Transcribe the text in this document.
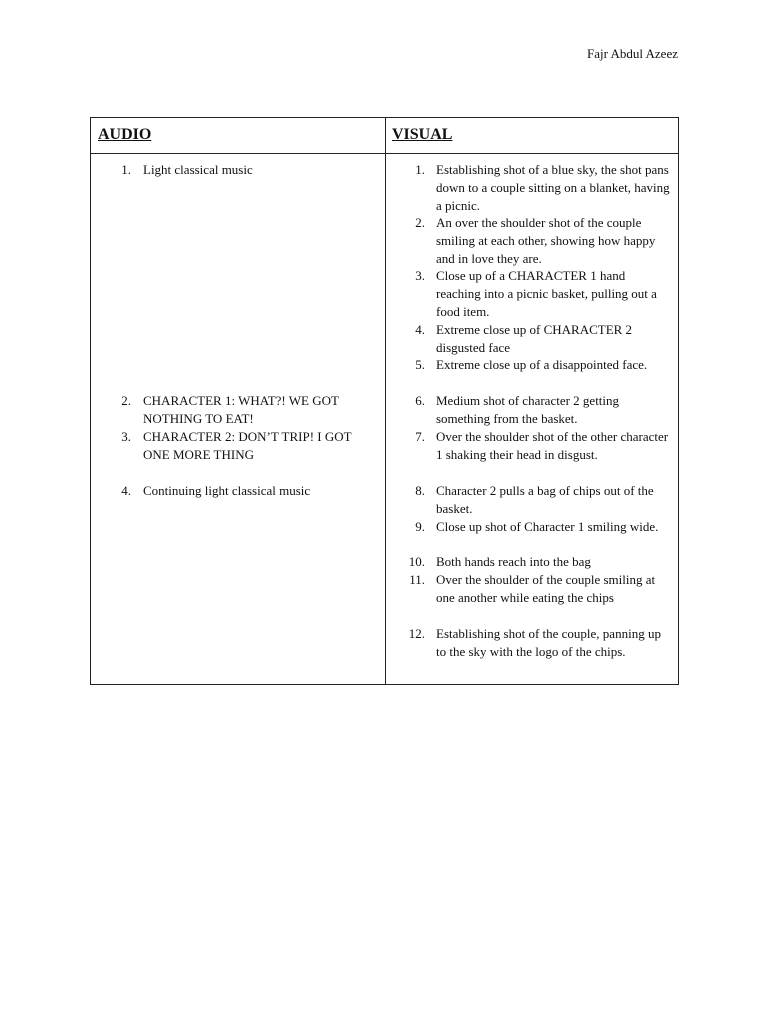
Fajr Abdul Azeez
AUDIO	VISUAL
1. Light classical music
2. CHARACTER 1: WHAT?! WE GOT NOTHING TO EAT!
3. CHARACTER 2: DON’T TRIP! I GOT ONE MORE THING
4. Continuing light classical music
1. Establishing shot of a blue sky, the shot pans down to a couple sitting on a blanket, having a picnic.
2. An over the shoulder shot of the couple smiling at each other, showing how happy and in love they are.
3. Close up of a CHARACTER 1 hand reaching into a picnic basket, pulling out a food item.
4. Extreme close up of CHARACTER 2 disgusted face
5. Extreme close up of a disappointed face.
6. Medium shot of character 2 getting something from the basket.
7. Over the shoulder shot of the other character 1 shaking their head in disgust.
8. Character 2 pulls a bag of chips out of the basket.
9. Close up shot of Character 1 smiling wide.
10. Both hands reach into the bag
11. Over the shoulder of the couple smiling at one another while eating the chips
12. Establishing shot of the couple, panning up to the sky with the logo of the chips.
